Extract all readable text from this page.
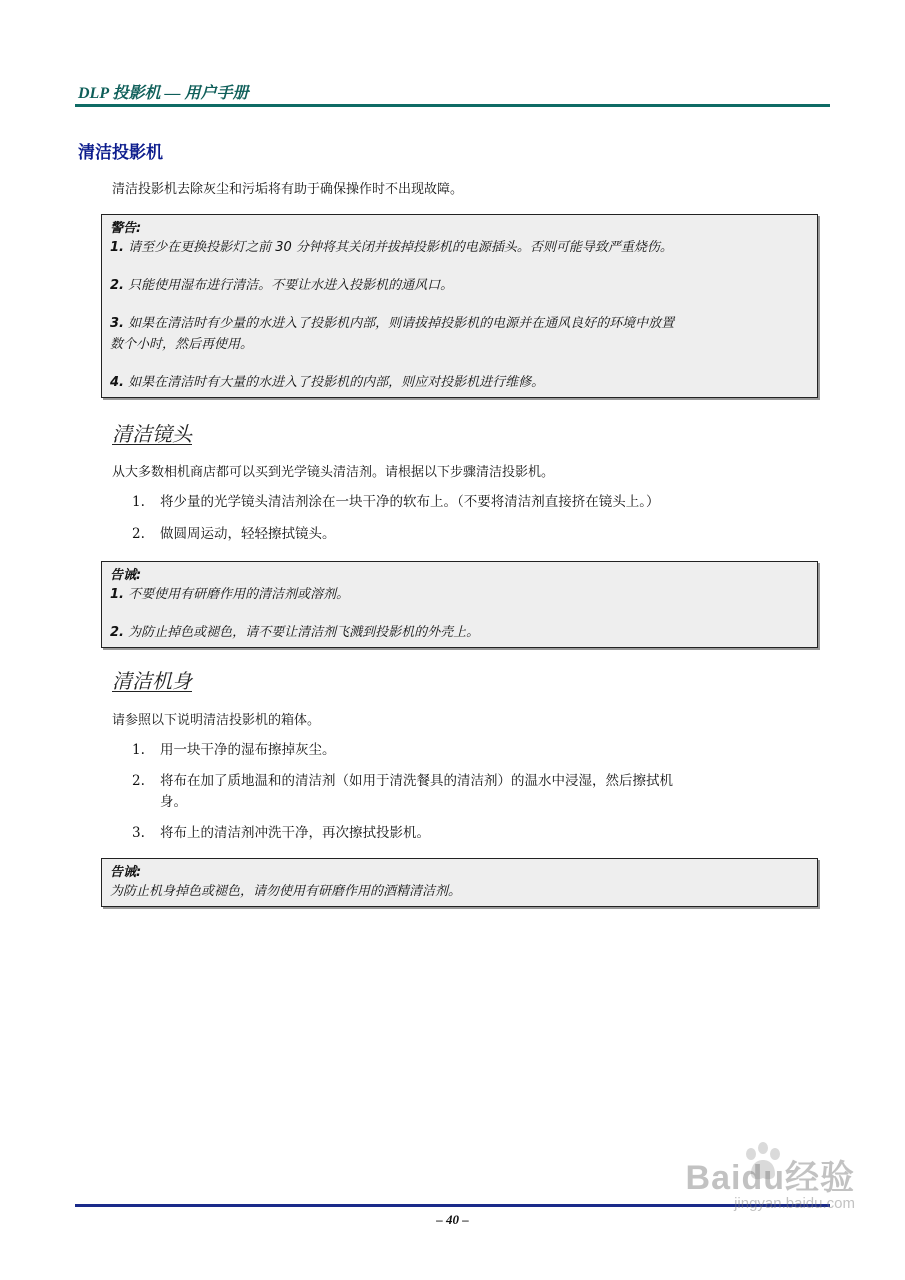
DLP 投影机 — 用户手册
清洁投影机
清洁投影机去除灰尘和污垢将有助于确保操作时不出现故障。
警告:
1. 请至少在更换投影灯之前 30 分钟将其关闭并拔掉投影机的电源插头。否则可能导致严重烧伤。
2. 只能使用湿布进行清洁。不要让水进入投影机的通风口。
3. 如果在清洁时有少量的水进入了投影机内部，则请拔掉投影机的电源并在通风良好的环境中放置
数个小时，然后再使用。
4. 如果在清洁时有大量的水进入了投影机的内部，则应对投影机进行维修。
清洁镜头
从大多数相机商店都可以买到光学镜头清洁剂。请根据以下步骤清洁投影机。
1. 将少量的光学镜头清洁剂涂在一块干净的软布上。（不要将清洁剂直接挤在镜头上。）
2. 做圆周运动，轻轻擦拭镜头。
告诫:
1. 不要使用有研磨作用的清洁剂或溶剂。
2. 为防止掉色或褪色，请不要让清洁剂飞溅到投影机的外壳上。
清洁机身
请参照以下说明清洁投影机的箱体。
1. 用一块干净的湿布擦掉灰尘。
2. 将布在加了质地温和的清洁剂（如用于清洗餐具的清洁剂）的温水中浸湿，然后擦拭机
身。
3. 将布上的清洁剂冲洗干净，再次擦拭投影机。
告诫:
为防止机身掉色或褪色，请勿使用有研磨作用的酒精清洁剂。
– 40 –
Baidu经验
jingyan.baidu.com
